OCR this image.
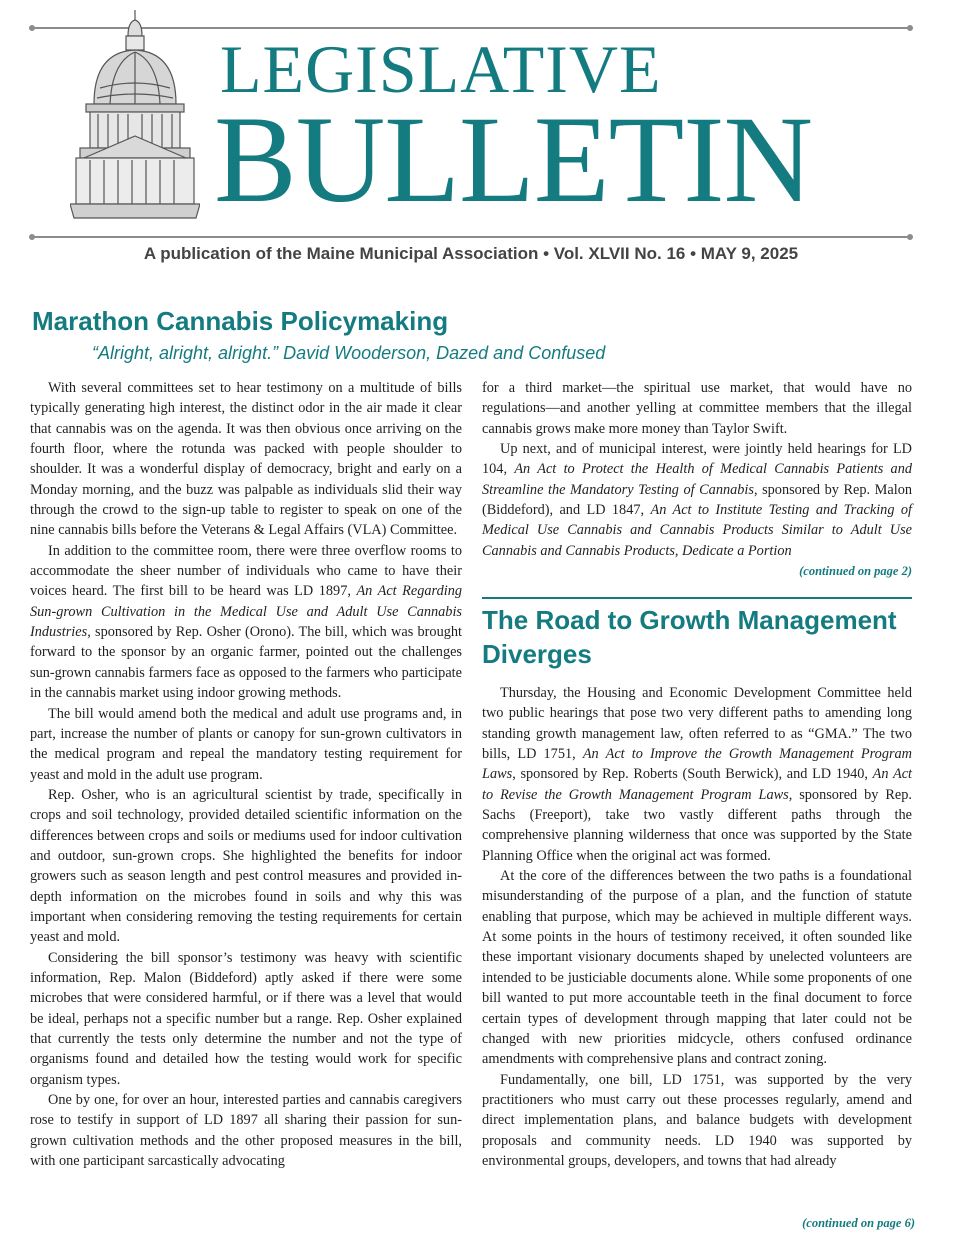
LEGISLATIVE
BULLETIN
A publication of the Maine Municipal Association • Vol. XLVII No. 16 • MAY 9, 2025
Marathon Cannabis Policymaking
“Alright, alright, alright.” David Wooderson, Dazed and Confused

With several committees set to hear testimony on a multitude of bills typically generating high interest, the distinct odor in the air made it clear that cannabis was on the agenda. It was then obvious once arriving on the fourth floor, where the rotunda was packed with people shoulder to shoulder. It was a wonderful display of democracy, bright and early on a Monday morning, and the buzz was palpable as individuals slid their way through the crowd to the sign-up table to register to speak on one of the nine cannabis bills before the Veterans & Legal Affairs (VLA) Committee.

In addition to the committee room, there were three overflow rooms to accommodate the sheer number of individuals who came to have their voices heard. The first bill to be heard was LD 1897, An Act Regarding Sun-grown Cultivation in the Medical Use and Adult Use Cannabis Industries, sponsored by Rep. Osher (Orono). The bill, which was brought forward to the sponsor by an organic farmer, pointed out the challenges sun-grown cannabis farmers face as opposed to the farmers who participate in the cannabis market using indoor growing methods.

The bill would amend both the medical and adult use programs and, in part, increase the number of plants or canopy for sun-grown cultivators in the medical program and repeal the mandatory testing requirement for yeast and mold in the adult use program.

Rep. Osher, who is an agricultural scientist by trade, specifically in crops and soil technology, provided detailed scientific information on the differences between crops and soils or mediums used for indoor cultivation and outdoor, sun-grown crops. She highlighted the benefits for indoor growers such as season length and pest control measures and provided in-depth information on the microbes found in soils and why this was important when considering removing the testing requirements for certain yeast and mold.

Considering the bill sponsor’s testimony was heavy with scientific information, Rep. Malon (Biddeford) aptly asked if there were some microbes that were considered harmful, or if there was a level that would be ideal, perhaps not a specific number but a range. Rep. Osher explained that currently the tests only determine the number and not the type of organisms found and detailed how the testing would work for specific organism types.

One by one, for over an hour, interested parties and cannabis caregivers rose to testify in support of LD 1897 all sharing their passion for sun-grown cultivation methods and the other proposed measures in the bill, with one participant sarcastically advocating

for a third market—the spiritual use market, that would have no regulations—and another yelling at committee members that the illegal cannabis grows make more money than Taylor Swift.

Up next, and of municipal interest, were jointly held hearings for LD 104, An Act to Protect the Health of Medical Cannabis Patients and Streamline the Mandatory Testing of Cannabis, sponsored by Rep. Malon (Biddeford), and LD 1847, An Act to Institute Testing and Tracking of Medical Use Cannabis and Cannabis Products Similar to Adult Use Cannabis and Cannabis Products, Dedicate a Portion

(continued on page 2)
The Road to Growth Management Diverges

Thursday, the Housing and Economic Development Committee held two public hearings that pose two very different paths to amending long standing growth management law, often referred to as “GMA.” The two bills, LD 1751, An Act to Improve the Growth Management Program Laws, sponsored by Rep. Roberts (South Berwick), and LD 1940, An Act to Revise the Growth Management Program Laws, sponsored by Rep. Sachs (Freeport), take two vastly different paths through the comprehensive planning wilderness that once was supported by the State Planning Office when the original act was formed.

At the core of the differences between the two paths is a foundational misunderstanding of the purpose of a plan, and the function of statute enabling that purpose, which may be achieved in multiple different ways. At some points in the hours of testimony received, it often sounded like these important visionary documents shaped by unelected volunteers are intended to be justiciable documents alone. While some proponents of one bill wanted to put more accountable teeth in the final document to force certain types of development through mapping that later could not be changed with new priorities midcycle, others confused ordinance amendments with comprehensive plans and contract zoning.

Fundamentally, one bill, LD 1751, was supported by the very practitioners who must carry out these processes regularly, amend and direct implementation plans, and balance budgets with development proposals and community needs. LD 1940 was supported by environmental groups, developers, and towns that had already

(continued on page 6)
